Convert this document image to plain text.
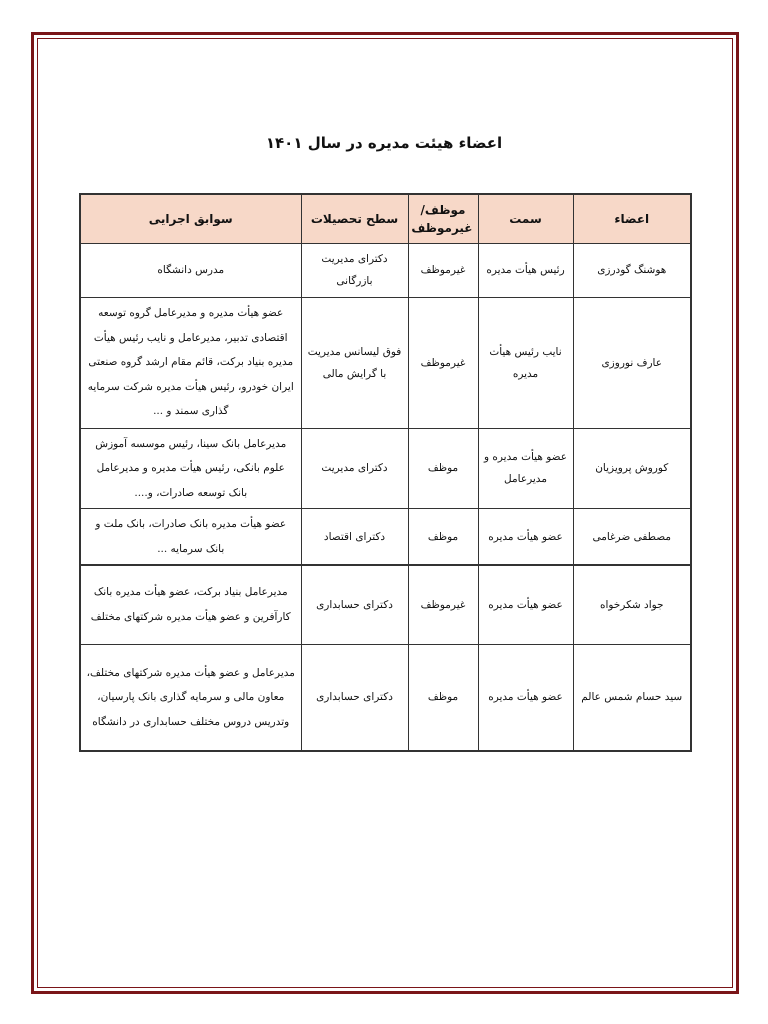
اعضاء هیئت مدیره در سال ۱۴۰۱
اعضاء	سمت	موظف/ غیرموظف	سطح تحصیلات	سوابق اجرایی
هوشنگ گودرزی	رئیس هیأت مدیره	غیرموظف	دکترای مدیریت بازرگانی	مدرس دانشگاه
عارف نوروزی	نایب رئیس هیأت مدیره	غیرموظف	فوق لیسانس مدیریت با گرایش مالی	عضو هیأت مدیره و مدیرعامل گروه توسعه اقتصادی تدبیر، مدیرعامل و نایب رئیس هیأت مدیره بنیاد برکت، قائم مقام ارشد گروه صنعتی ایران خودرو، رئیس هیأت مدیره شرکت سرمایه گذاری سمند و ...
کوروش پرویزیان	عضو هیأت مدیره و مدیرعامل	موظف	دکترای مدیریت	مدیرعامل بانک سینا، رئیس موسسه آموزش علوم بانکی، رئیس هیأت مدیره و مدیرعامل بانک توسعه صادرات، و....
مصطفی ضرغامی	عضو هیأت مدیره	موظف	دکترای اقتصاد	عضو هیأت مدیره بانک صادرات، بانک ملت و بانک سرمایه ...
جواد شکرخواه	عضو هیأت مدیره	غیرموظف	دکترای حسابداری	مدیرعامل بنیاد برکت، عضو هیأت مدیره بانک کارآفرین و عضو هیأت مدیره شرکتهای مختلف
سید حسام شمس عالم	عضو هیأت مدیره	موظف	دکترای حسابداری	مدیرعامل و عضو هیأت مدیره شرکتهای مختلف، معاون مالی و سرمایه گذاری بانک پارسیان، وتدریس دروس مختلف حسابداری در دانشگاه
